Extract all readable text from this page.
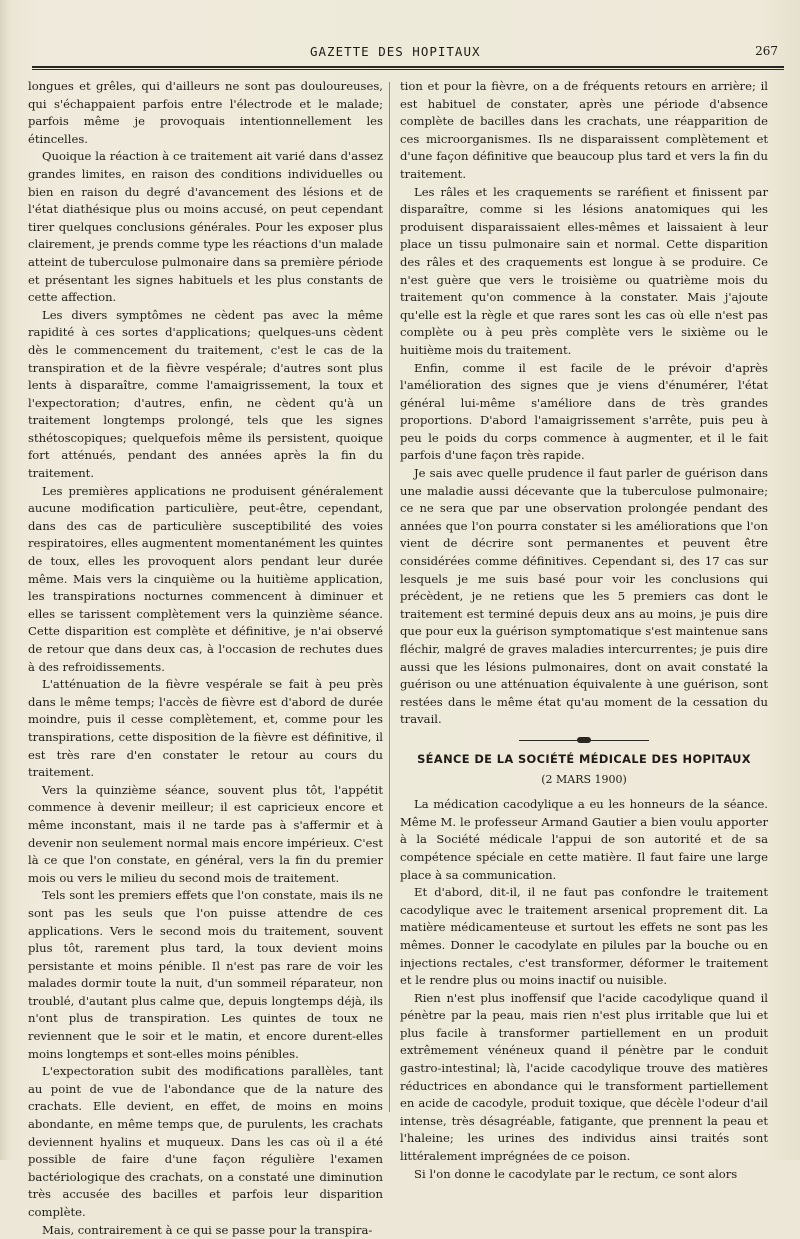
GAZETTE DES HOPITAUX	267

longues et grêles, qui d'ailleurs ne sont pas douloureuses, qui s'échappaient parfois entre l'électrode et le malade; parfois même je provoquais intentionnellement les étincelles.

Quoique la réaction à ce traitement ait varié dans d'assez grandes limites, en raison des conditions individuelles ou bien en raison du degré d'avancement des lésions et de l'état diathésique plus ou moins accusé, on peut cependant tirer quelques conclusions générales. Pour les exposer plus clairement, je prends comme type les réactions d'un malade atteint de tuberculose pulmonaire dans sa première période et présentant les signes habituels et les plus constants de cette affection.

Les divers symptômes ne cèdent pas avec la même rapidité à ces sortes d'applications; quelques-uns cèdent dès le commencement du traitement, c'est le cas de la transpiration et de la fièvre vespérale; d'autres sont plus lents à disparaître, comme l'amaigrissement, la toux et l'expectoration; d'autres, enfin, ne cèdent qu'à un traitement longtemps prolongé, tels que les signes sthétoscopiques; quelquefois même ils persistent, quoique fort atténués, pendant des années après la fin du traitement.

Les premières applications ne produisent généralement aucune modification particulière, peut-être, cependant, dans des cas de particulière susceptibilité des voies respiratoires, elles augmentent momentanément les quintes de toux, elles les provoquent alors pendant leur durée même. Mais vers la cinquième ou la huitième application, les transpirations nocturnes commencent à diminuer et elles se tarissent complètement vers la quinzième séance. Cette disparition est complète et définitive, je n'ai observé de retour que dans deux cas, à l'occasion de rechutes dues à des refroidissements.

L'atténuation de la fièvre vespérale se fait à peu près dans le même temps; l'accès de fièvre est d'abord de durée moindre, puis il cesse complètement, et, comme pour les transpirations, cette disposition de la fièvre est définitive, il est très rare d'en constater le retour au cours du traitement.

Vers la quinzième séance, souvent plus tôt, l'appétit commence à devenir meilleur; il est capricieux encore et même inconstant, mais il ne tarde pas à s'affermir et à devenir non seulement normal mais encore impérieux. C'est là ce que l'on constate, en général, vers la fin du premier mois ou vers le milieu du second mois de traitement.

Tels sont les premiers effets que l'on constate, mais ils ne sont pas les seuls que l'on puisse attendre de ces applications. Vers le second mois du traitement, souvent plus tôt, rarement plus tard, la toux devient moins persistante et moins pénible. Il n'est pas rare de voir les malades dormir toute la nuit, d'un sommeil réparateur, non troublé, d'autant plus calme que, depuis longtemps déjà, ils n'ont plus de transpiration. Les quintes de toux ne reviennent que le soir et le matin, et encore durent-elles moins longtemps et sont-elles moins pénibles.

L'expectoration subit des modifications parallèles, tant au point de vue de l'abondance que de la nature des crachats. Elle devient, en effet, de moins en moins abondante, en même temps que, de purulents, les crachats deviennent hyalins et muqueux. Dans les cas où il a été possible de faire d'une façon régulière l'examen bactériologique des crachats, on a constaté une diminution très accusée des bacilles et parfois leur disparition complète.

Mais, contrairement à ce qui se passe pour la transpira-

tion et pour la fièvre, on a de fréquents retours en arrière; il est habituel de constater, après une période d'absence complète de bacilles dans les crachats, une réapparition de ces microorganismes. Ils ne disparaissent complètement et d'une façon définitive que beaucoup plus tard et vers la fin du traitement.

Les râles et les craquements se raréfient et finissent par disparaître, comme si les lésions anatomiques qui les produisent disparaissaient elles-mêmes et laissaient à leur place un tissu pulmonaire sain et normal. Cette disparition des râles et des craquements est longue à se produire. Ce n'est guère que vers le troisième ou quatrième mois du traitement qu'on commence à la constater. Mais j'ajoute qu'elle est la règle et que rares sont les cas où elle n'est pas complète ou à peu près complète vers le sixième ou le huitième mois du traitement.

Enfin, comme il est facile de le prévoir d'après l'amélioration des signes que je viens d'énumérer, l'état général lui-même s'améliore dans de très grandes proportions. D'abord l'amaigrissement s'arrête, puis peu à peu le poids du corps commence à augmenter, et il le fait parfois d'une façon très rapide.

Je sais avec quelle prudence il faut parler de guérison dans une maladie aussi décevante que la tuberculose pulmonaire; ce ne sera que par une observation prolongée pendant des années que l'on pourra constater si les améliorations que l'on vient de décrire sont permanentes et peuvent être considérées comme définitives. Cependant si, des 17 cas sur lesquels je me suis basé pour voir les conclusions qui précèdent, je ne retiens que les 5 premiers cas dont le traitement est terminé depuis deux ans au moins, je puis dire que pour eux la guérison symptomatique s'est maintenue sans fléchir, malgré de graves maladies intercurrentes; je puis dire aussi que les lésions pulmonaires, dont on avait constaté la guérison ou une atténuation équivalente à une guérison, sont restées dans le même état qu'au moment de la cessation du travail.

SÉANCE DE LA SOCIÉTÉ MÉDICALE DES HOPITAUX
(2 MARS 1900)

La médication cacodylique a eu les honneurs de la séance. Même M. le professeur Armand Gautier a bien voulu apporter à la Société médicale l'appui de son autorité et de sa compétence spéciale en cette matière. Il faut faire une large place à sa communication.

Et d'abord, dit-il, il ne faut pas confondre le traitement cacodylique avec le traitement arsenical proprement dit. La matière médicamenteuse et surtout les effets ne sont pas les mêmes. Donner le cacodylate en pilules par la bouche ou en injections rectales, c'est transformer, déformer le traitement et le rendre plus ou moins inactif ou nuisible.

Rien n'est plus inoffensif que l'acide cacodylique quand il pénètre par la peau, mais rien n'est plus irritable que lui et plus facile à transformer partiellement en un produit extrêmement vénéneux quand il pénètre par le conduit gastro-intestinal; là, l'acide cacodylique trouve des matières réductrices en abondance qui le transforment partiellement en acide de cacodyle, produit toxique, que décèle l'odeur d'ail intense, très désagréable, fatigante, que prennent la peau et l'haleine; les urines des individus ainsi traités sont littéralement imprégnées de ce poison.

Si l'on donne le cacodylate par le rectum, ce sont alors
